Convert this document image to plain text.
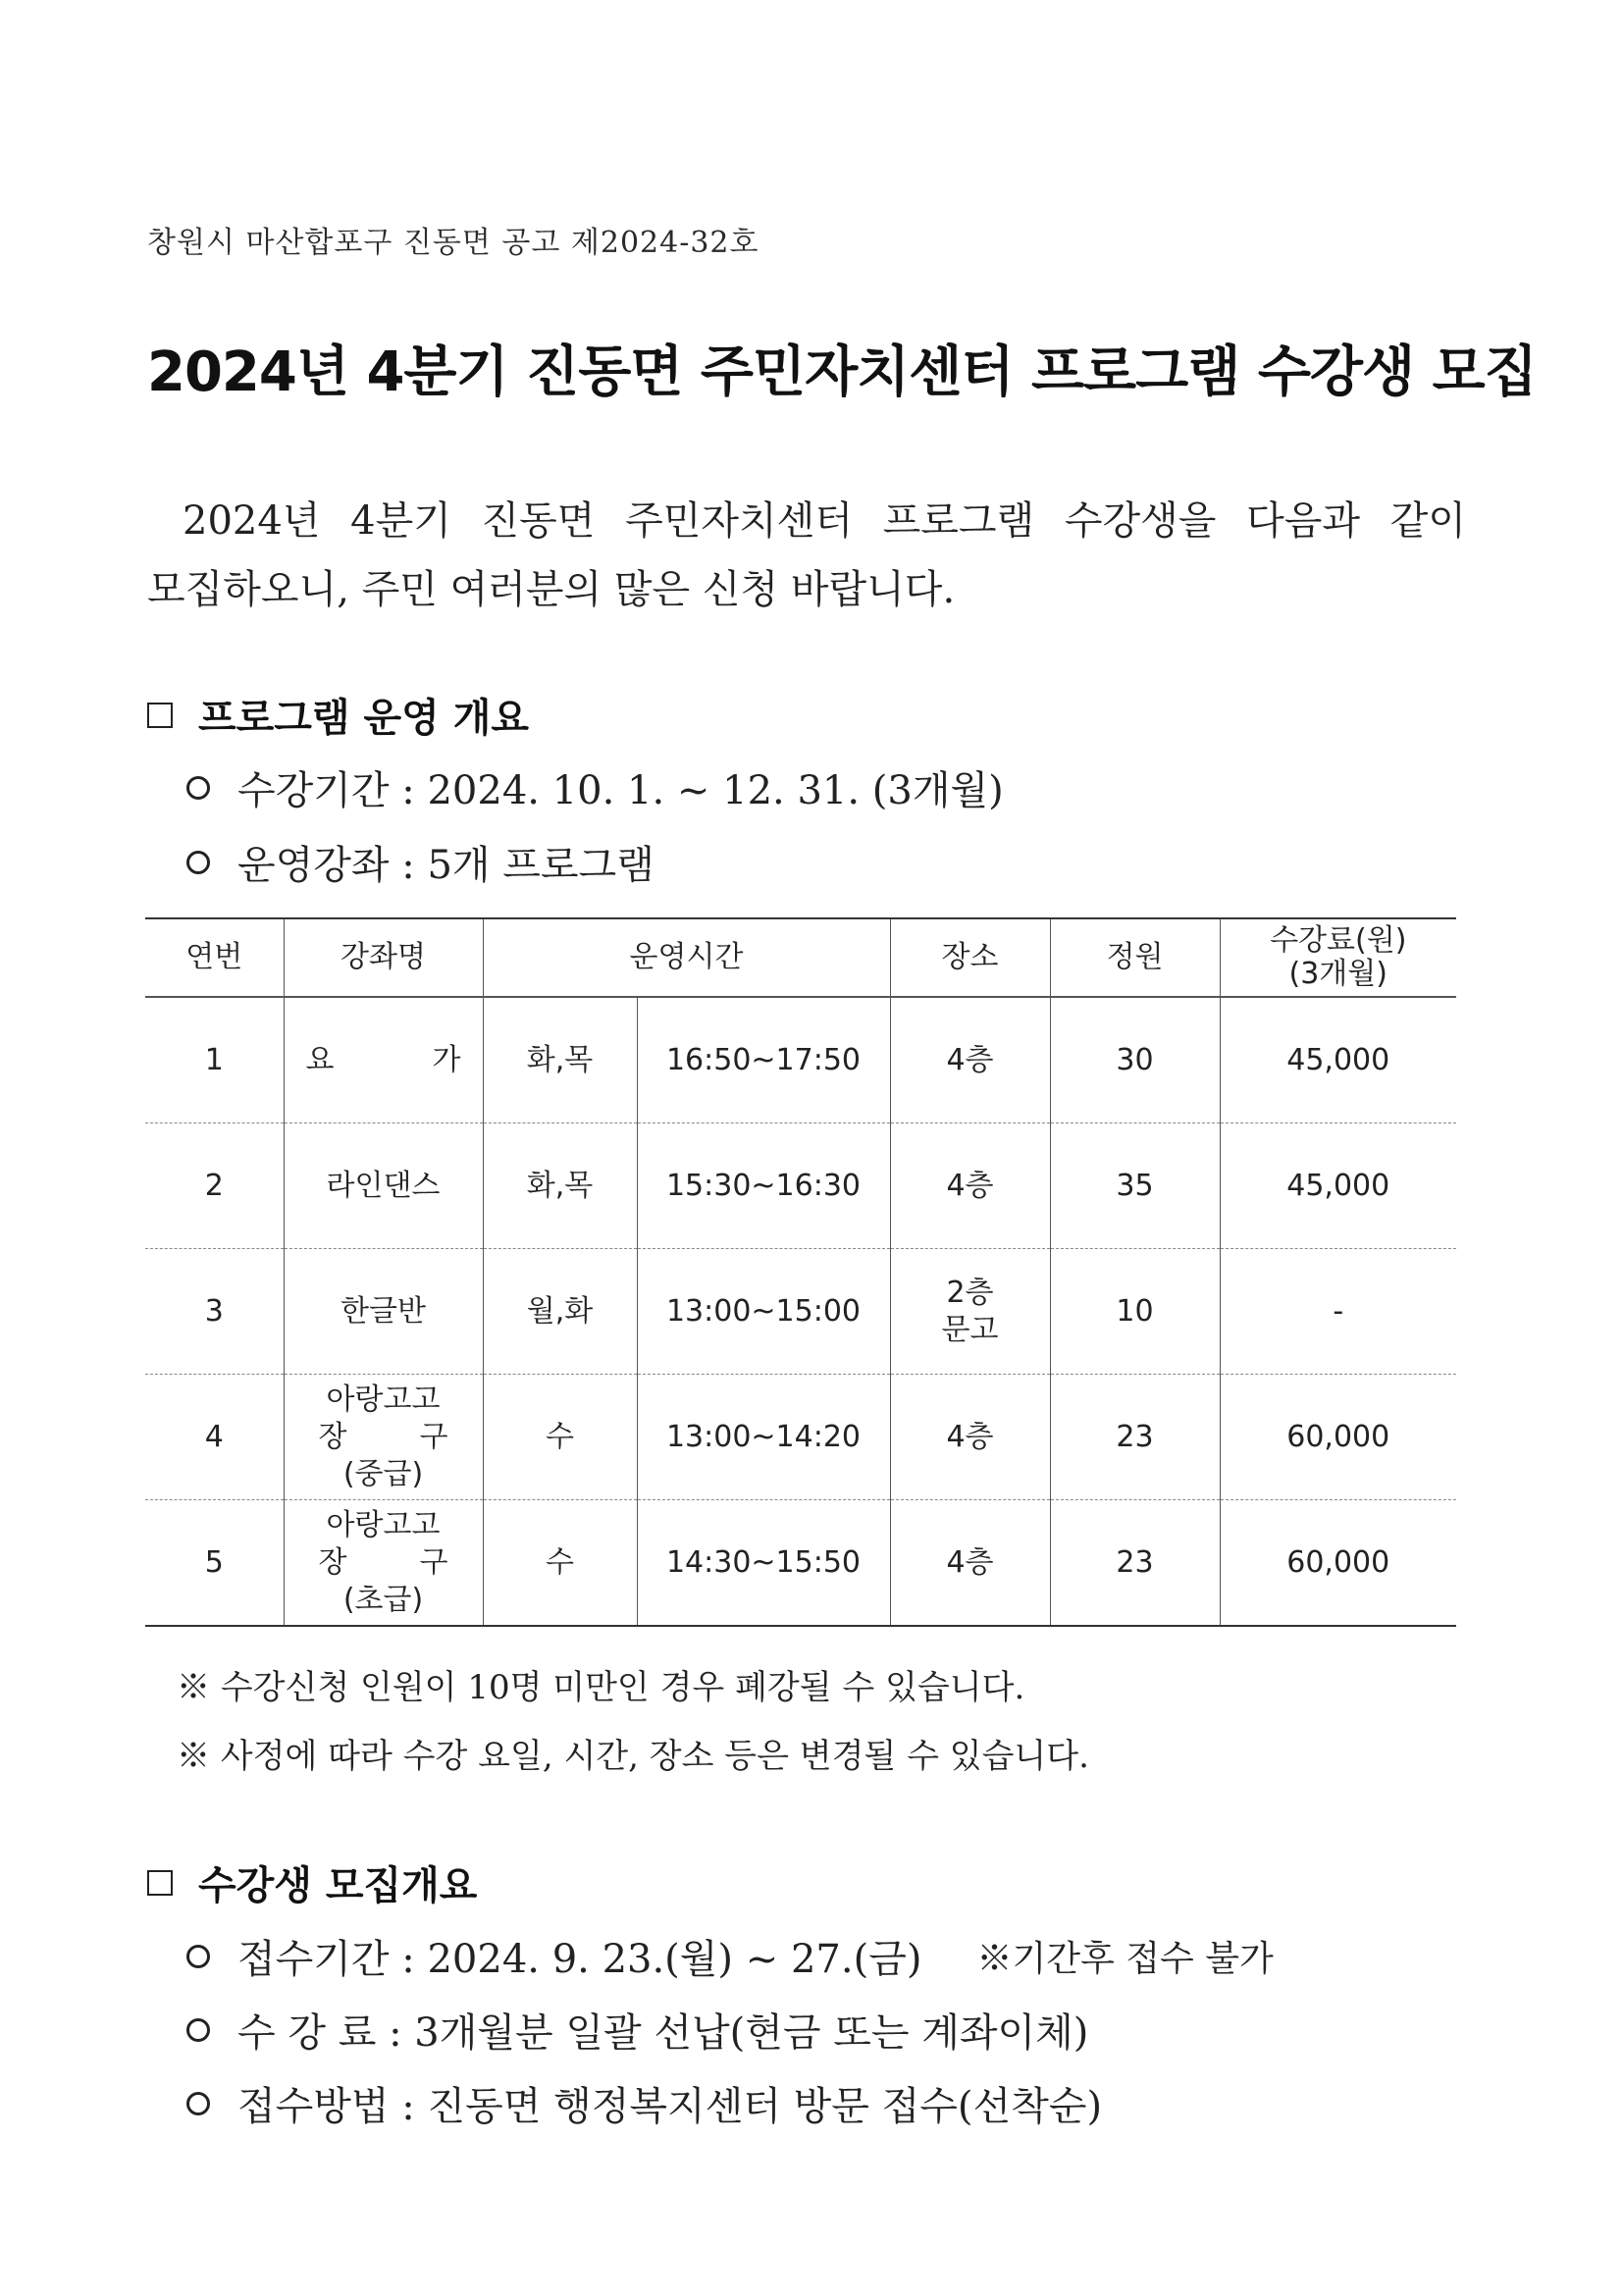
창원시 마산합포구 진동면 공고 제2024-32호
2024년 4분기 진동면 주민자치센터 프로그램 수강생 모집
2024년 4분기 진동면 주민자치센터 프로그램 수강생을 다음과 같이
모집하오니, 주민 여러분의 많은 신청 바랍니다.
프로그램 운영 개요
수강기간 : 2024. 10. 1. ~ 12. 31. (3개월)
운영강좌 : 5개 프로그램
연번	강좌명	운영시간		장소	정원	수강료(원)
(3개월)

1	요 가	화,목	16:50~17:50	4층	30	45,000
2	라인댄스	화,목	15:30~16:30	4층	35	45,000
3	한글반	월,화	13:00~15:00	2층
문고	10	-
4	아랑고고
장 구
(중급)	수	13:00~14:20	4층	23	60,000
5	아랑고고
장 구
(초급)	수	14:30~15:50	4층	23	60,000
※ 수강신청 인원이 10명 미만인 경우 폐강될 수 있습니다.
※ 사정에 따라 수강 요일, 시간, 장소 등은 변경될 수 있습니다.
수강생 모집개요
접수기간 : 2024. 9. 23.(월) ~ 27.(금) ※기간후 접수 불가
수 강 료 : 3개월분 일괄 선납(현금 또는 계좌이체)
접수방법 : 진동면 행정복지센터 방문 접수(선착순)
